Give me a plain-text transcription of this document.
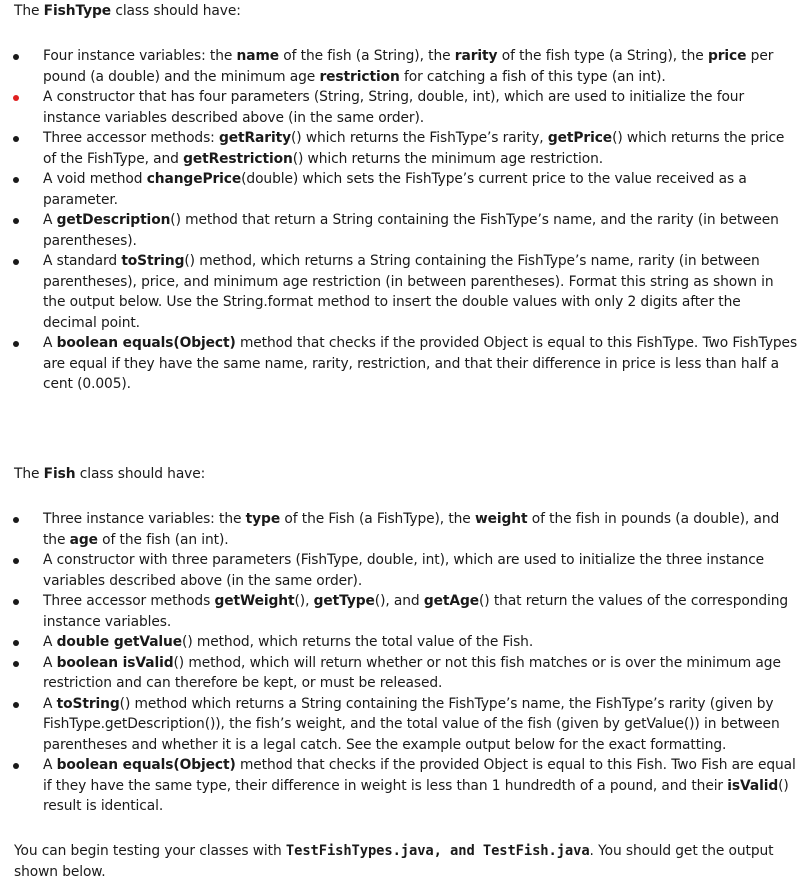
The FishType class should have:
Four instance variables: the name of the fish (a String), the rarity of the fish type (a String), the price per pound (a double) and the minimum age restriction for catching a fish of this type (an int).
A constructor that has four parameters (String, String, double, int), which are used to initialize the four instance variables described above (in the same order).
Three accessor methods: getRarity() which returns the FishType’s rarity, getPrice() which returns the price of the FishType, and getRestriction() which returns the minimum age restriction.
A void method changePrice(double) which sets the FishType’s current price to the value received as a parameter.
A getDescription() method that return a String containing the FishType’s name, and the rarity (in between parentheses).
A standard toString() method, which returns a String containing the FishType’s name, rarity (in between parentheses), price, and minimum age restriction (in between parentheses). Format this string as shown in the output below. Use the String.format method to insert the double values with only 2 digits after the decimal point.
A boolean equals(Object) method that checks if the provided Object is equal to this FishType. Two FishTypes are equal if they have the same name, rarity, restriction, and that their difference in price is less than half a cent (0.005).
The Fish class should have:
Three instance variables: the type of the Fish (a FishType), the weight of the fish in pounds (a double), and the age of the fish (an int).
A constructor with three parameters (FishType, double, int), which are used to initialize the three instance variables described above (in the same order).
Three accessor methods getWeight(), getType(), and getAge() that return the values of the corresponding instance variables.
A double getValue() method, which returns the total value of the Fish.
A boolean isValid() method, which will return whether or not this fish matches or is over the minimum age restriction and can therefore be kept, or must be released.
A toString() method which returns a String containing the FishType’s name, the FishType’s rarity (given by FishType.getDescription()), the fish’s weight, and the total value of the fish (given by getValue()) in between parentheses and whether it is a legal catch. See the example output below for the exact formatting.
A boolean equals(Object) method that checks if the provided Object is equal to this Fish. Two Fish are equal if they have the same type, their difference in weight is less than 1 hundredth of a pound, and their isValid() result is identical.

You can begin testing your classes with TestFishTypes.java, and TestFish.java. You should get the output shown below.
